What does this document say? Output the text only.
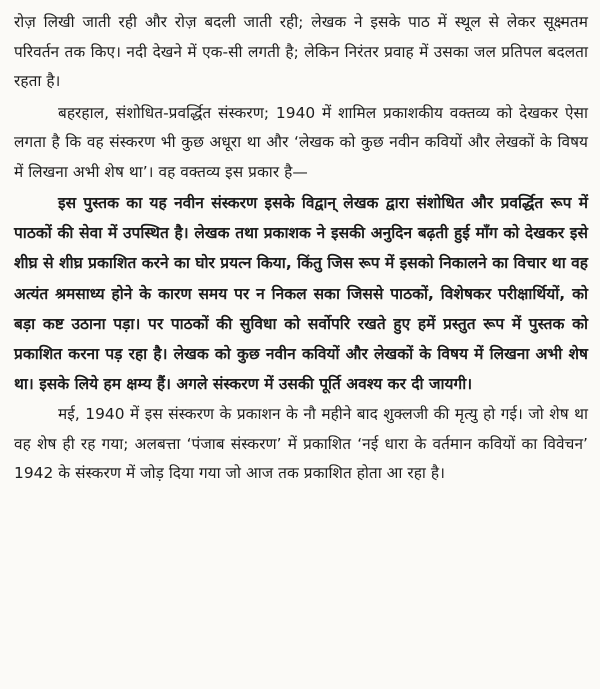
रोज़ लिखी जाती रही और रोज़ बदली जाती रही; लेखक ने इसके पाठ में स्थूल से लेकर सूक्ष्मतम परिवर्तन तक किए। नदी देखने में एक-सी लगती है; लेकिन निरंतर प्रवाह में उसका जल प्रतिपल बदलता रहता है।

बहरहाल, संशोधित-प्रवर्द्धित संस्करण; 1940 में शामिल प्रकाशकीय वक्तव्य को देखकर ऐसा लगता है कि वह संस्करण भी कुछ अधूरा था और ‘लेखक को कुछ नवीन कवियों और लेखकों के विषय में लिखना अभी शेष था’। वह वक्तव्य इस प्रकार है—

इस पुस्तक का यह नवीन संस्करण इसके विद्वान् लेखक द्वारा संशोधित और प्रवर्द्धित रूप में पाठकों की सेवा में उपस्थित है। लेखक तथा प्रकाशक ने इसकी अनुदिन बढ़ती हुई माँग को देखकर इसे शीघ्र से शीघ्र प्रकाशित करने का घोर प्रयत्न किया, किंतु जिस रूप में इसको निकालने का विचार था वह अत्यंत श्रमसाध्य होने के कारण समय पर न निकल सका जिससे पाठकों, विशेषकर परीक्षार्थियों, को बड़ा कष्ट उठाना पड़ा। पर पाठकों की सुविधा को सर्वोपरि रखते हुए हमें प्रस्तुत रूप में पुस्तक को प्रकाशित करना पड़ रहा है। लेखक को कुछ नवीन कवियों और लेखकों के विषय में लिखना अभी शेष था। इसके लिये हम क्षम्य हैं। अगले संस्करण में उसकी पूर्ति अवश्य कर दी जायगी।

मई, 1940 में इस संस्करण के प्रकाशन के नौ महीने बाद शुक्लजी की मृत्यु हो गई। जो शेष था वह शेष ही रह गया; अलबत्ता ‘पंजाब संस्करण’ में प्रकाशित ‘नई धारा के वर्तमान कवियों का विवेचन’ 1942 के संस्करण में जोड़ दिया गया जो आज तक प्रकाशित होता आ रहा है।
